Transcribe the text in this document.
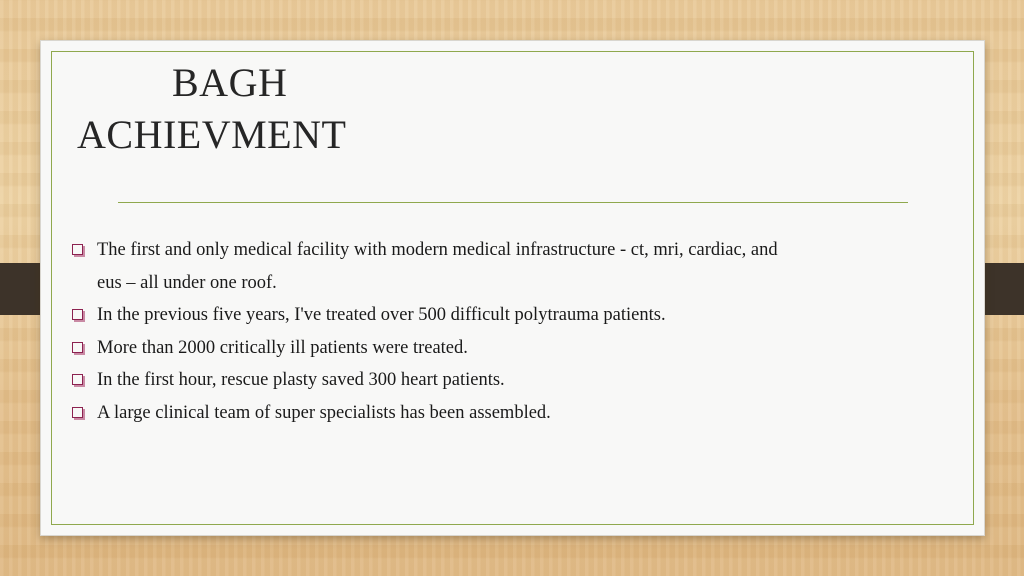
BAGH
ACHIEVMENT
The first and only medical facility with modern medical infrastructure - ct, mri, cardiac, and eus – all under one roof.
In the previous five years, I've treated over 500 difficult polytrauma patients.
More than 2000 critically ill patients were treated.
In the first hour, rescue plasty saved 300 heart patients.
A large clinical team of super specialists has been assembled.
